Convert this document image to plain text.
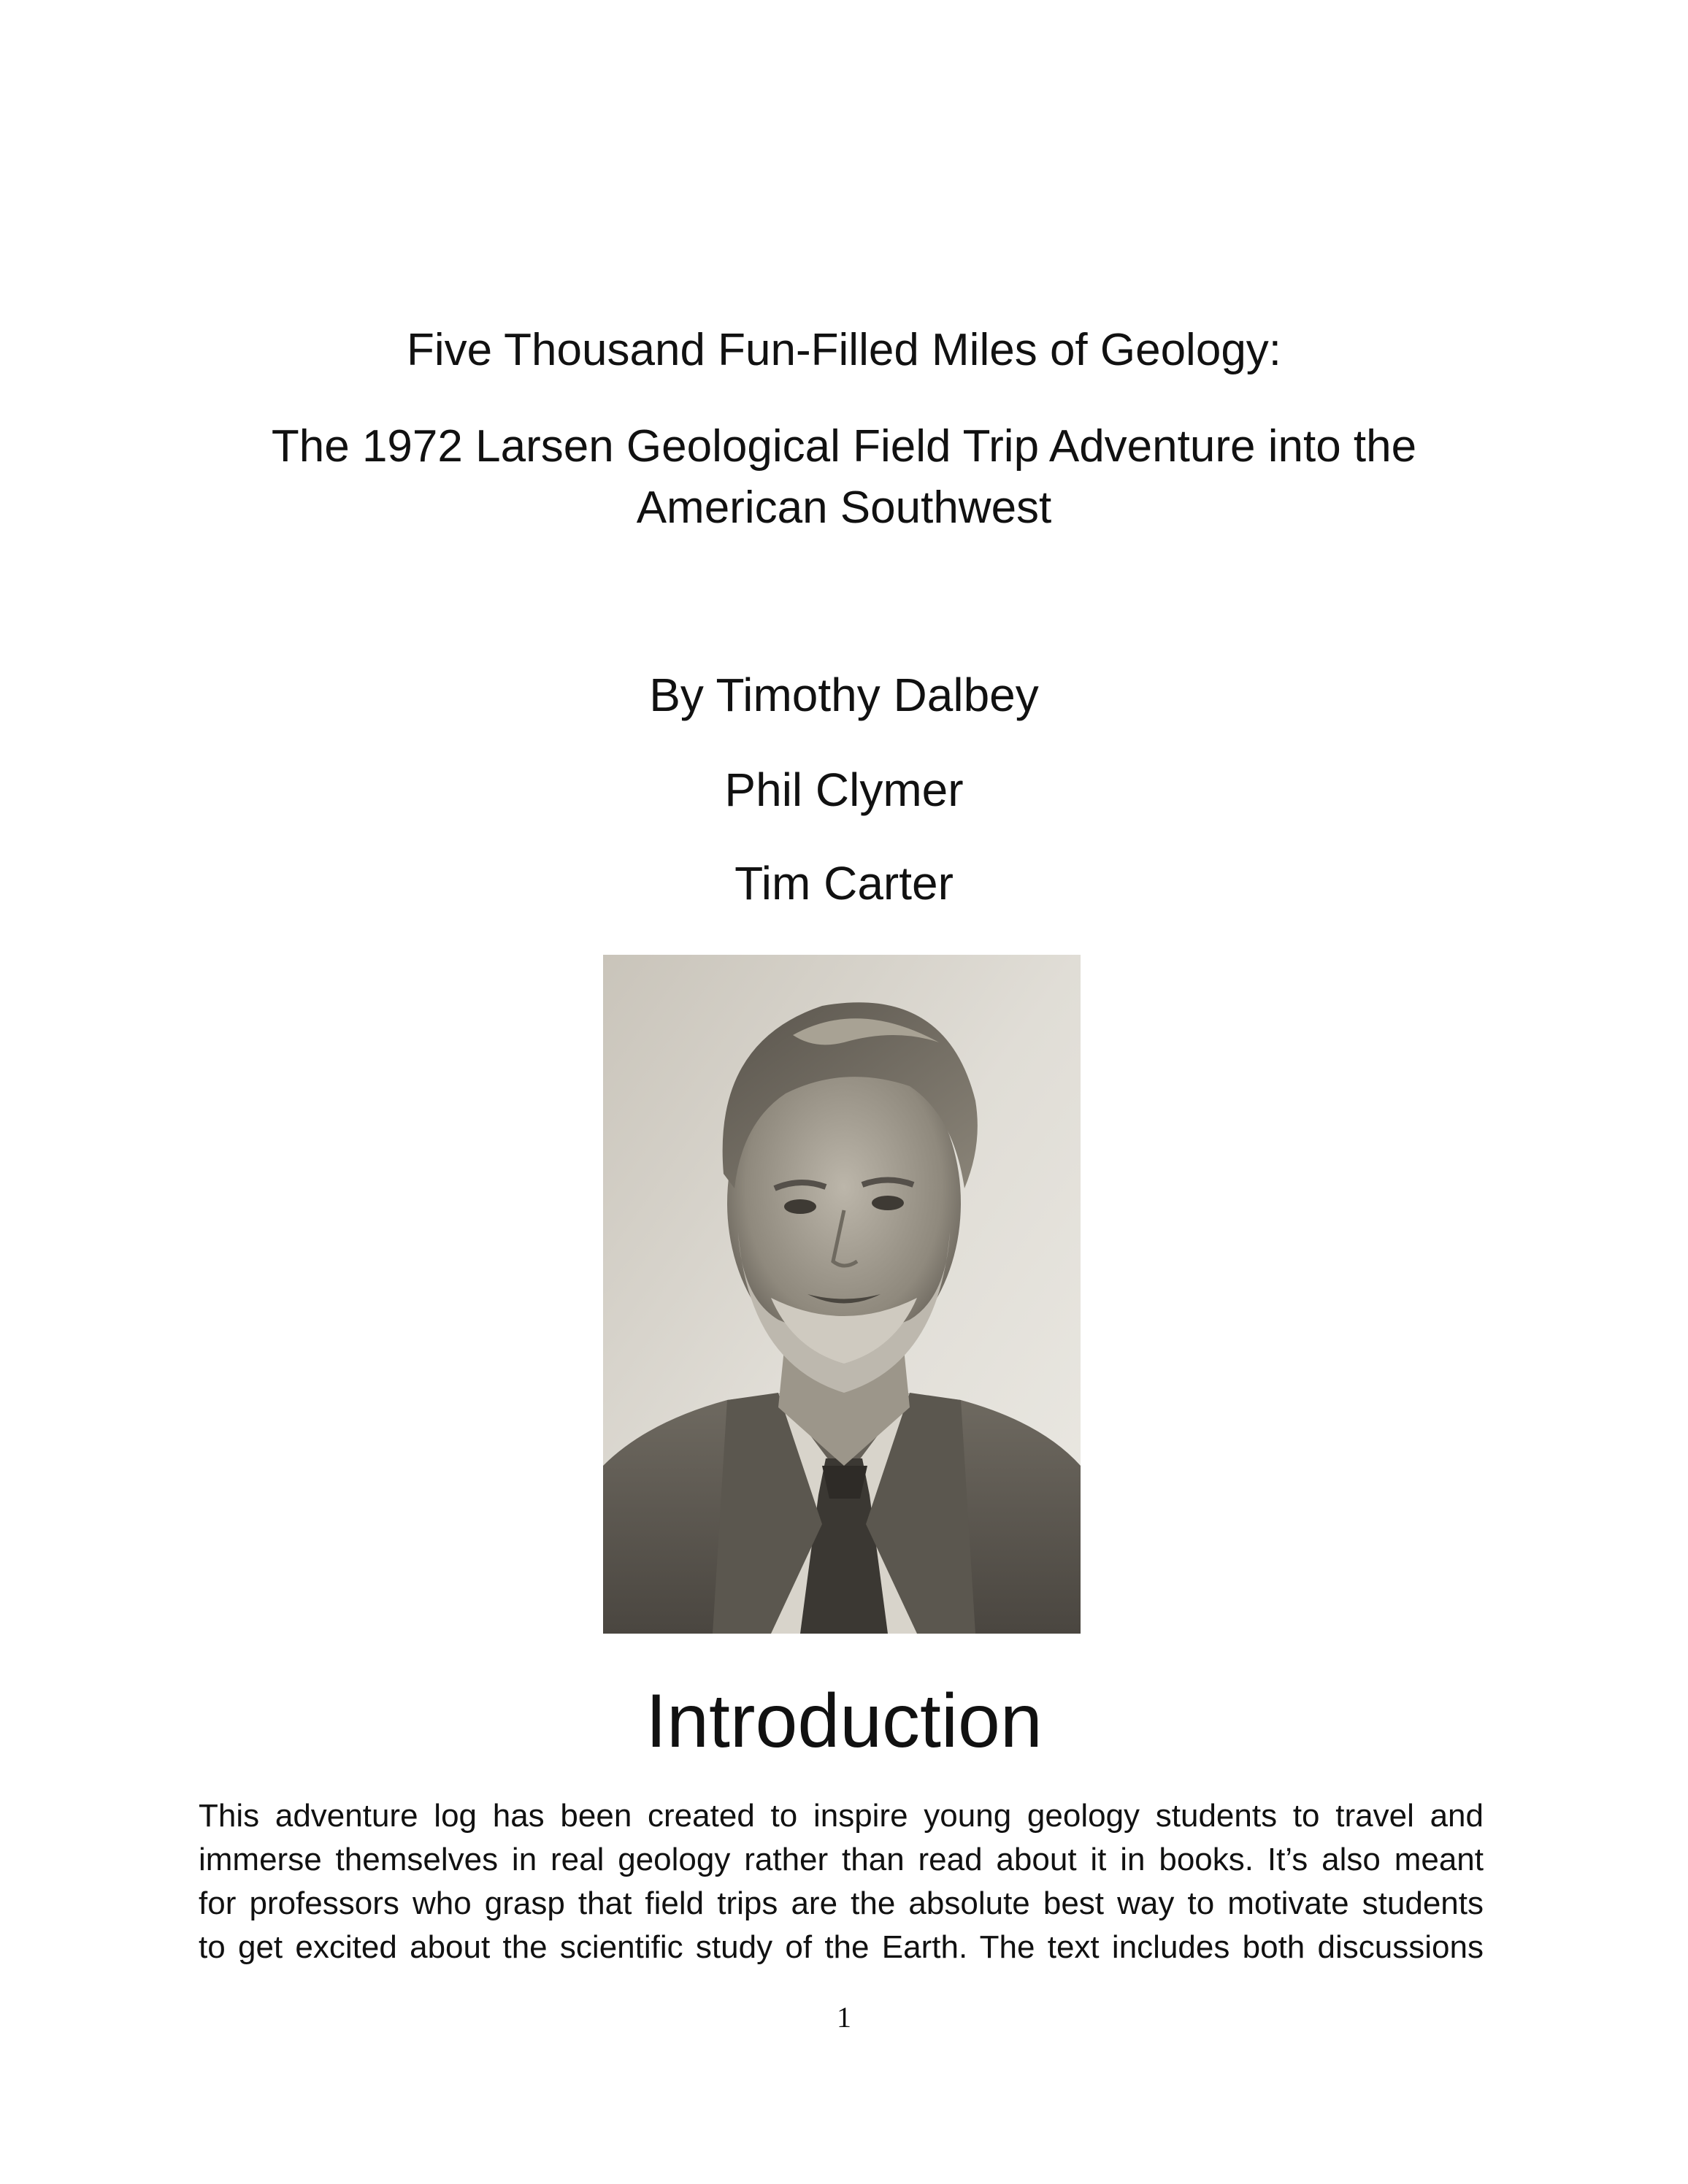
Five Thousand Fun-Filled Miles of Geology:
The 1972 Larsen Geological Field Trip Adventure into the
American Southwest
By Timothy Dalbey
Phil Clymer
Tim Carter
Introduction
This adventure log has been created to inspire young geology students to travel and
immerse themselves in real geology rather than read about it in books. It’s also meant
for professors who grasp that field trips are the absolute best way to motivate students
to get excited about the scientific study of the Earth. The text includes both discussions
1
